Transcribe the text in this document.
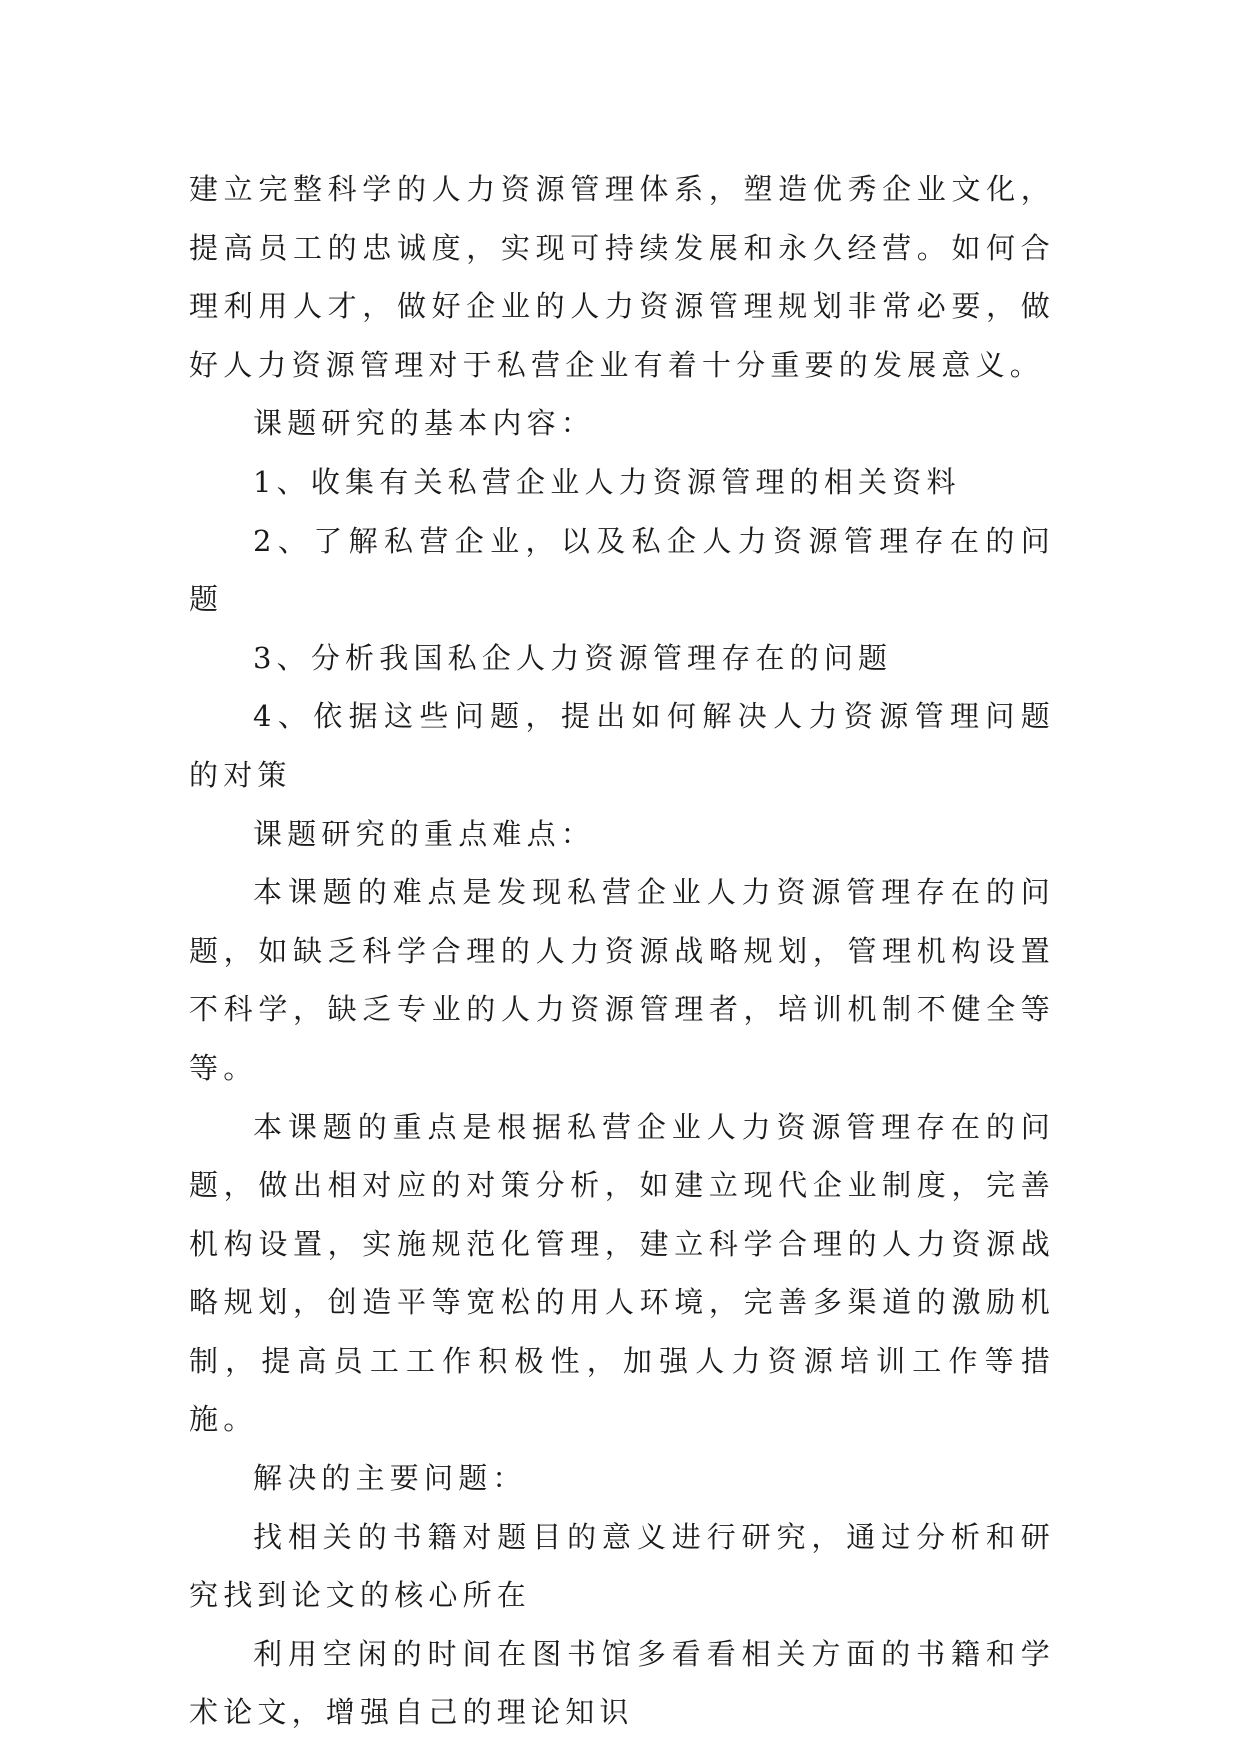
建立完整科学的人力资源管理体系，塑造优秀企业文化，提高员工的忠诚度，实现可持续发展和永久经营。如何合理利用人才，做好企业的人力资源管理规划非常必要，做好人力资源管理对于私营企业有着十分重要的发展意义。

课题研究的基本内容：

1、收集有关私营企业人力资源管理的相关资料

2、了解私营企业，以及私企人力资源管理存在的问题

3、分析我国私企人力资源管理存在的问题

4、依据这些问题，提出如何解决人力资源管理问题的对策

课题研究的重点难点：

本课题的难点是发现私营企业人力资源管理存在的问题，如缺乏科学合理的人力资源战略规划，管理机构设置不科学，缺乏专业的人力资源管理者，培训机制不健全等等。

本课题的重点是根据私营企业人力资源管理存在的问题，做出相对应的对策分析，如建立现代企业制度，完善机构设置，实施规范化管理，建立科学合理的人力资源战略规划，创造平等宽松的用人环境，完善多渠道的激励机制，提高员工工作积极性，加强人力资源培训工作等措施。

解决的主要问题：

找相关的书籍对题目的意义进行研究，通过分析和研究找到论文的核心所在

利用空闲的时间在图书馆多看看相关方面的书籍和学术论文，增强自己的理论知识
